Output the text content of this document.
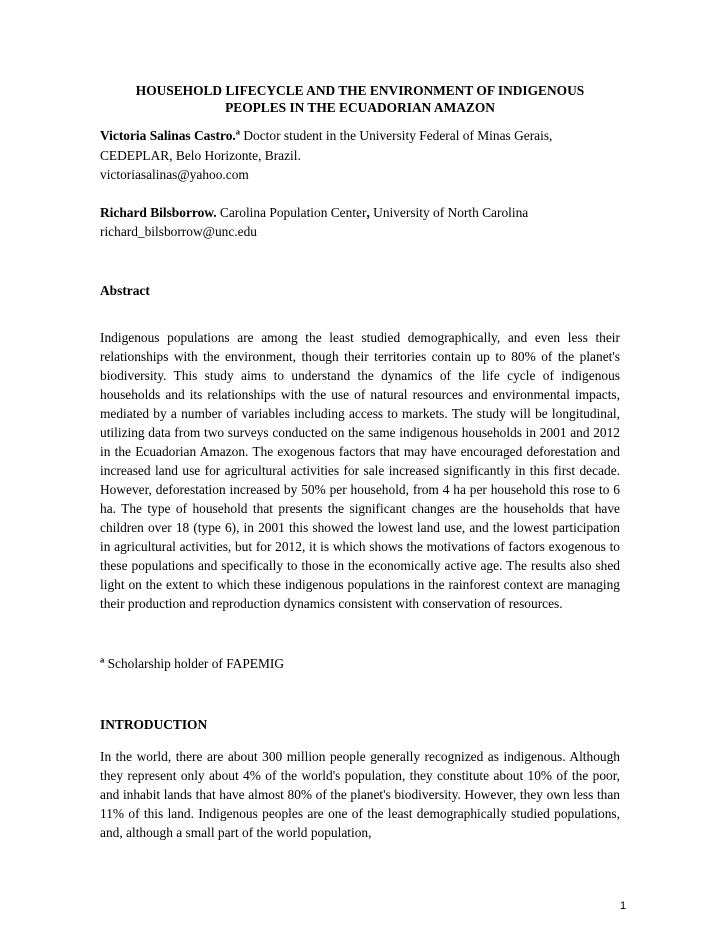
HOUSEHOLD LIFECYCLE AND THE ENVIRONMENT OF INDIGENOUS
PEOPLES IN THE ECUADORIAN AMAZON
Victoria Salinas Castro.$^a$ Doctor student in the University Federal of Minas Gerais,
CEDEPLAR, Belo Horizonte, Brazil.
victoriasalinas@yahoo.com
Richard Bilsborrow. Carolina Population Center, University of North Carolina
richard_bilsborrow@unc.edu
Abstract
Indigenous populations are among the least studied demographically, and even less their relationships with the environment, though their territories contain up to 80% of the planet's biodiversity. This study aims to understand the dynamics of the life cycle of indigenous households and its relationships with the use of natural resources and environmental impacts, mediated by a number of variables including access to markets. The study will be longitudinal, utilizing data from two surveys conducted on the same indigenous households in 2001 and 2012 in the Ecuadorian Amazon. The exogenous factors that may have encouraged deforestation and increased land use for agricultural activities for sale increased significantly in this first decade. However, deforestation increased by 50% per household, from 4 ha per household this rose to 6 ha. The type of household that presents the significant changes are the households that have children over 18 (type 6), in 2001 this showed the lowest land use, and the lowest participation in agricultural activities, but for 2012, it is which shows the motivations of factors exogenous to these populations and specifically to those in the economically active age. The results also shed light on the extent to which these indigenous populations in the rainforest context are managing their production and reproduction dynamics consistent with conservation of resources.
$^a$ Scholarship holder of FAPEMIG
INTRODUCTION
In the world, there are about 300 million people generally recognized as indigenous. Although they represent only about 4% of the world's population, they constitute about 10% of the poor, and inhabit lands that have almost 80% of the planet's biodiversity. However, they own less than 11% of this land. Indigenous peoples are one of the least demographically studied populations, and, although a small part of the world population,
1
